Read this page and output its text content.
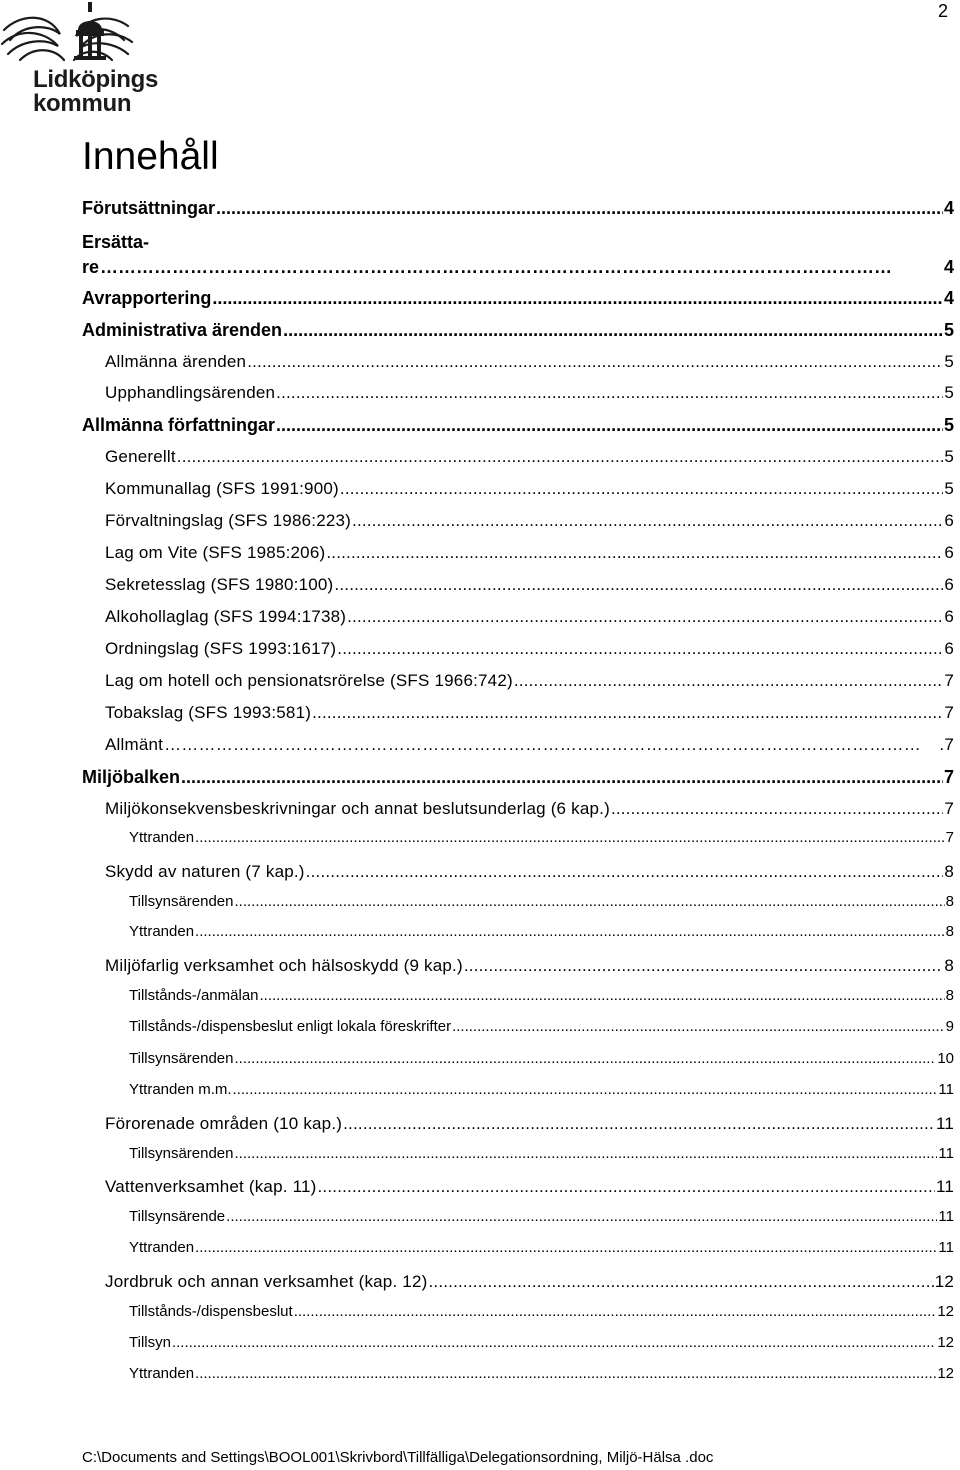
2
Lidköpings
kommun
Innehåll
Förutsättningar .....	4
Ersätta-
re ……………………………………………………………………………………………………………………	4
Avrapportering .....	4
Administrativa ärenden .....	5
Allmänna ärenden .....	5
Upphandlingsärenden .....	5
Allmänna författningar .....	5
Generellt .....	5
Kommunallag (SFS 1991:900) .....	5
Förvaltningslag (SFS 1986:223) .....	6
Lag om Vite (SFS 1985:206) .....	6
Sekretesslag (SFS 1980:100) .....	6
Alkohollaglag (SFS 1994:1738) .....	6
Ordningslag (SFS 1993:1617) .....	6
Lag om hotell och pensionatsrörelse (SFS 1966:742) .....	7
Tobakslag (SFS 1993:581) .....	7
Allmänt ……………………………………………………………………………………………………………………	.7
Miljöbalken .....	7
Miljökonsekvensbeskrivningar och annat beslutsunderlag (6 kap.) .....	7
Yttranden .....	7
Skydd av naturen (7 kap.) .....	8
Tillsynsärenden .....	8
Yttranden .....	8
Miljöfarlig verksamhet och hälsoskydd (9 kap.) .....	8
Tillstånds-/anmälan .....	8
Tillstånds-/dispensbeslut enligt lokala föreskrifter .....	9
Tillsynsärenden .....	10
Yttranden m.m. .....	11
Förorenade områden (10 kap.) .....	11
Tillsynsärenden .....	11
Vattenverksamhet (kap. 11) .....	11
Tillsynsärende .....	11
Yttranden .....	11
Jordbruk och annan verksamhet (kap. 12) .....	12
Tillstånds-/dispensbeslut .....	12
Tillsyn .....	12
Yttranden .....	12
C:\Documents and Settings\BOOL001\Skrivbord\Tillfälliga\Delegationsordning, Miljö-Hälsa .doc
